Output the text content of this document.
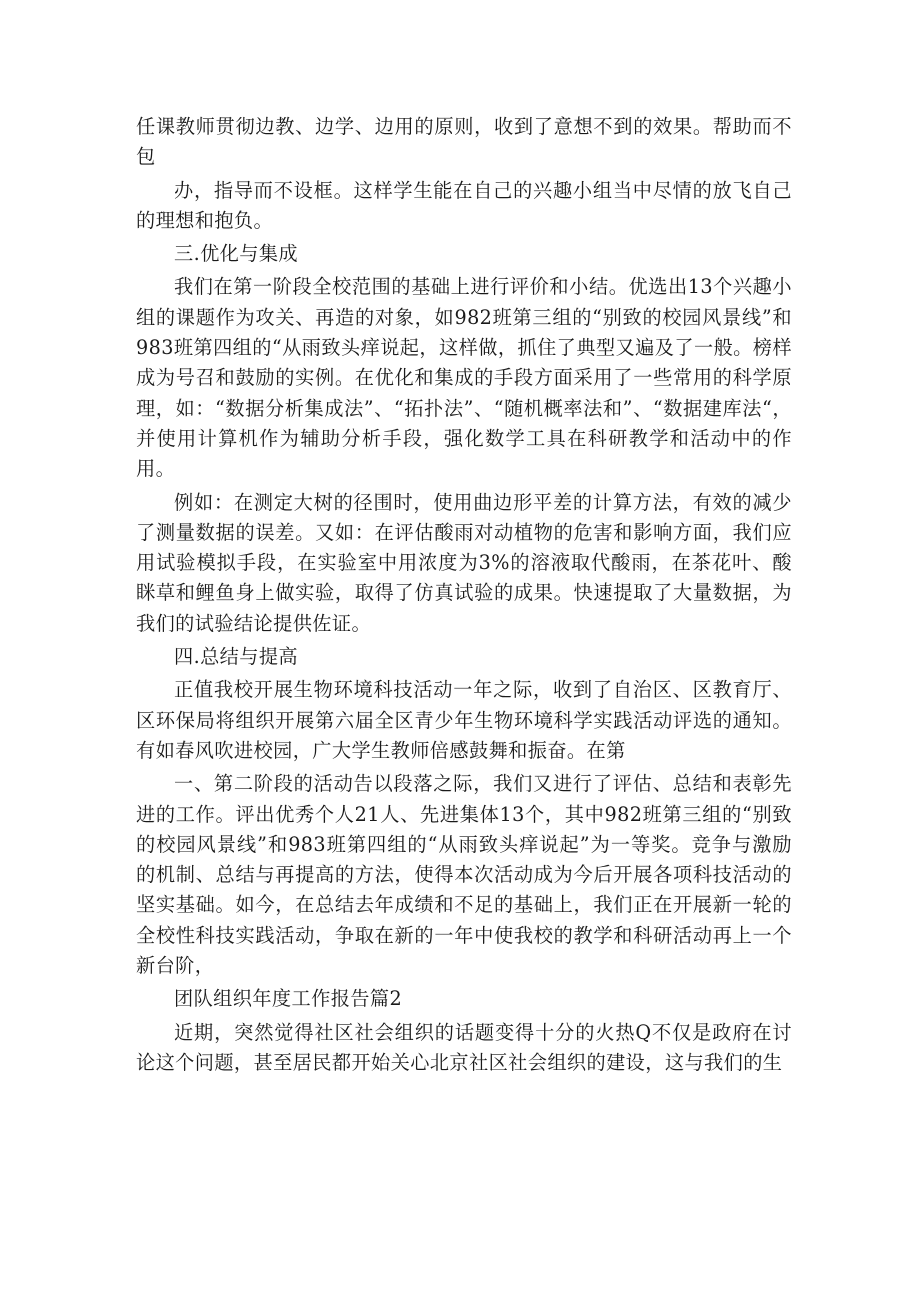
任课教师贯彻边教、边学、边用的原则，收到了意想不到的效果。帮助而不包

办，指导而不设框。这样学生能在自己的兴趣小组当中尽情的放飞自己的理想和抱负。

三.优化与集成

我们在第一阶段全校范围的基础上进行评价和小结。优选出13个兴趣小组的课题作为攻关、再造的对象，如982班第三组的“别致的校园风景线”和983班第四组的“从雨致头痒说起，这样做，抓住了典型又遍及了一般。榜样成为号召和鼓励的实例。在优化和集成的手段方面采用了一些常用的科学原理，如：“数据分析集成法”、“拓扑法”、“随机概率法和”、“数据建库法“，并使用计算机作为辅助分析手段，强化数学工具在科研教学和活动中的作用。

例如：在测定大树的径围时，使用曲边形平差的计算方法，有效的减少了测量数据的误差。又如：在评估酸雨对动植物的危害和影响方面，我们应用试验模拟手段，在实验室中用浓度为3%的溶液取代酸雨，在茶花叶、酸眯草和鲤鱼身上做实验，取得了仿真试验的成果。快速提取了大量数据，为我们的试验结论提供佐证。

四.总结与提高

正值我校开展生物环境科技活动一年之际，收到了自治区、区教育厅、区环保局将组织开展第六届全区青少年生物环境科学实践活动评选的通知。有如春风吹进校园，广大学生教师倍感鼓舞和振奋。在第

一、第二阶段的活动告以段落之际，我们又进行了评估、总结和表彰先进的工作。评出优秀个人21人、先进集体13个，其中982班第三组的“别致的校园风景线”和983班第四组的“从雨致头痒说起”为一等奖。竞争与激励的机制、总结与再提高的方法，使得本次活动成为今后开展各项科技活动的坚实基础。如今，在总结去年成绩和不足的基础上，我们正在开展新一轮的全校性科技实践活动，争取在新的一年中使我校的教学和科研活动再上一个新台阶，

团队组织年度工作报告篇2

近期，突然觉得社区社会组织的话题变得十分的火热Q不仅是政府在讨论这个问题，甚至居民都开始关心北京社区社会组织的建设，这与我们的生
